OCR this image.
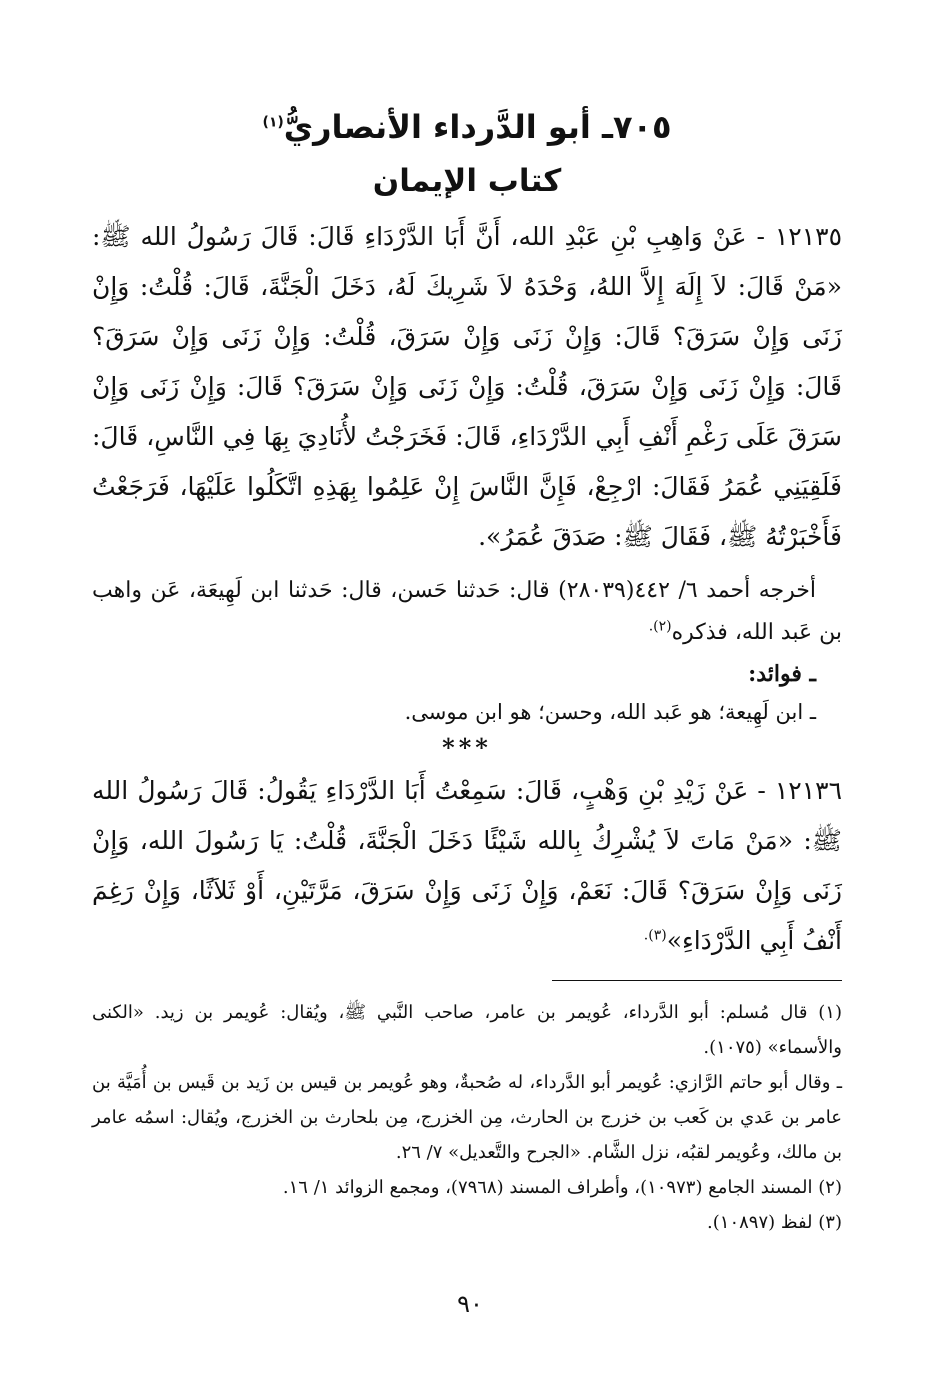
٧٠٥ـ أبو الدَّرداء الأنصاريُّ$^{(١)}$
كتاب الإيمان

١٢١٣٥ - عَنْ وَاهِبِ بْنِ عَبْدِ الله، أَنَّ أَبَا الدَّرْدَاءِ قَالَ: قَالَ رَسُولُ الله ﷺ: «مَنْ قَالَ: لاَ إِلَهَ إِلاَّ اللهُ، وَحْدَهُ لاَ شَرِيكَ لَهُ، دَخَلَ الْجَنَّةَ، قَالَ: قُلْتُ: وَإِنْ زَنَى وَإِنْ سَرَقَ؟ قَالَ: وَإِنْ زَنَى وَإِنْ سَرَقَ، قُلْتُ: وَإِنْ زَنَى وَإِنْ سَرَقَ؟ قَالَ: وَإِنْ زَنَى وَإِنْ سَرَقَ، قُلْتُ: وَإِنْ زَنَى وَإِنْ سَرَقَ؟ قَالَ: وَإِنْ زَنَى وَإِنْ سَرَقَ عَلَى رَغْمِ أَنْفِ أَبِي الدَّرْدَاءِ، قَالَ: فَخَرَجْتُ لأُنَادِيَ بِهَا فِي النَّاسِ، قَالَ: فَلَقِيَنِي عُمَرُ فَقَالَ: ارْجِعْ، فَإِنَّ النَّاسَ إِنْ عَلِمُوا بِهَذِهِ اتَّكَلُوا عَلَيْهَا، فَرَجَعْتُ فَأَخْبَرْتُهُ ﷺ، فَقَالَ ﷺ: صَدَقَ عُمَرُ».

أخرجه أحمد ٦/ ٤٤٢(٢٨٠٣٩) قال: حَدثنا حَسن، قال: حَدثنا ابن لَهِيعَة، عَن واهب بن عَبد الله، فذكره$^{(٢).}$

ـ فوائد:

ـ ابن لَهِيعة؛ هو عَبد الله، وحسن؛ هو ابن موسى.

***

١٢١٣٦ - عَنْ زَيْدِ بْنِ وَهْبٍ، قَالَ: سَمِعْتُ أَبَا الدَّرْدَاءِ يَقُولُ: قَالَ رَسُولُ الله ﷺ: «مَنْ مَاتَ لاَ يُشْرِكُ بِالله شَيْئًا دَخَلَ الْجَنَّةَ، قُلْتُ: يَا رَسُولَ الله، وَإِنْ زَنَى وَإِنْ سَرَقَ؟ قَالَ: نَعَمْ، وَإِنْ زَنَى وَإِنْ سَرَقَ، مَرَّتَيْنِ، أَوْ ثَلاَثًا، وَإِنْ رَغِمَ أَنْفُ أَبِي الدَّرْدَاءِ»$^{(٣).}$

(١) قال مُسلم: أبو الدَّرداء، عُويمر بن عامر، صاحب النَّبي ﷺ، ويُقال: عُويمر بن زيد. «الكنى والأسماء» (١٠٧٥).

ـ وقال أبو حاتم الرَّازي: عُويمر أبو الدَّرداء، له صُحبةٌ، وهو عُويمر بن قيس بن زَيد بن قَيس بن أُمَيَّة بن عامر بن عَدي بن كَعب بن خزرج بن الحارث، مِن الخزرج، مِن بلحارث بن الخزرج، ويُقال: اسمُه عامر بن مالك، وعُويمر لقبُه، نزل الشَّام. «الجرح والتَّعديل» ٧/ ٢٦.

(٢) المسند الجامع (١٠٩٧٣)، وأطراف المسند (٧٩٦٨)، ومجمع الزوائد ١/ ١٦.

(٣) لفظ (١٠٨٩٧).

٩٠
